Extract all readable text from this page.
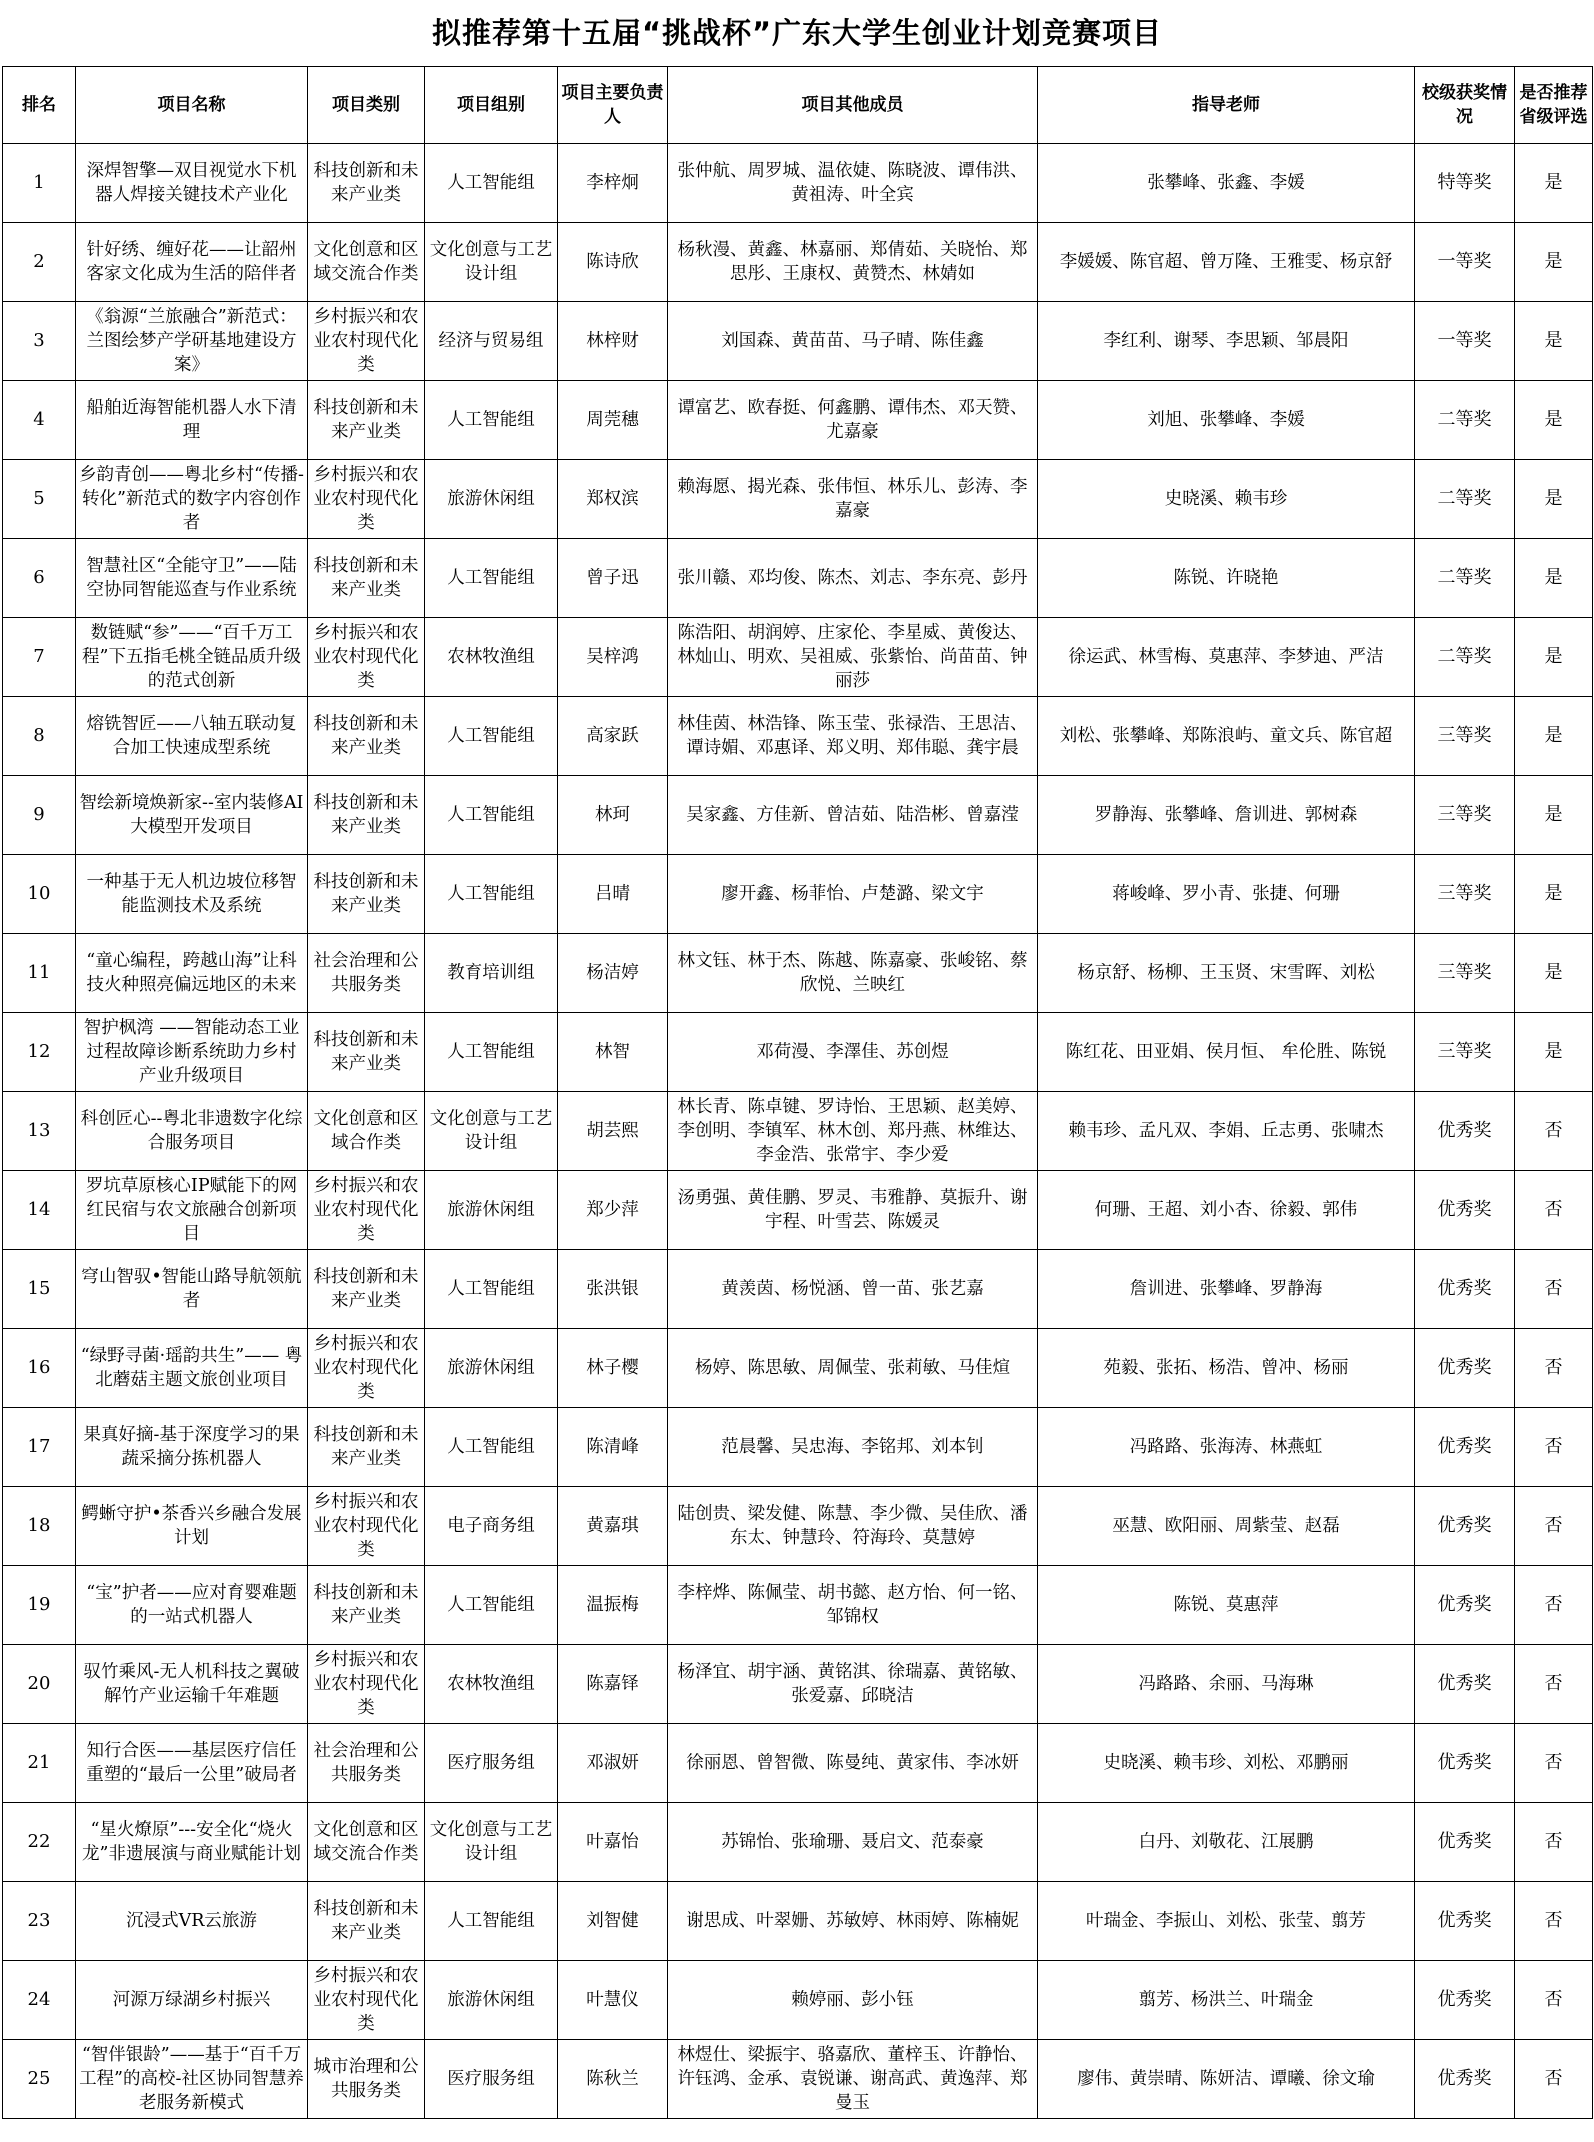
拟推荐第十五届“挑战杯”广东大学生创业计划竞赛项目
排名	项目名称	项目类别	项目组别	项目主要负责人	项目其他成员	指导老师	校级获奖情况	是否推荐省级评选
1	深焊智擎—双目视觉水下机器人焊接关键技术产业化	科技创新和未来产业类	人工智能组	李梓炯	张仲航、周罗城、温依婕、陈晓波、谭伟洪、黄祖涛、叶全宾	张攀峰、张鑫、李媛	特等奖	是
2	针好绣、缠好花——让韶州客家文化成为生活的陪伴者	文化创意和区域交流合作类	文化创意与工艺设计组	陈诗欣	杨秋漫、黄鑫、林嘉丽、郑倩茹、关晓怡、郑思彤、王康权、黄赞杰、林婧如	李媛媛、陈官超、曾万隆、王雅雯、杨京舒	一等奖	是
3	《翁源“兰旅融合”新范式：兰图绘梦产学研基地建设方案》	乡村振兴和农业农村现代化类	经济与贸易组	林梓财	刘国森、黄苗苗、马子晴、陈佳鑫	李红利、谢琴、李思颖、邹晨阳	一等奖	是
4	船舶近海智能机器人水下清理	科技创新和未来产业类	人工智能组	周莞穗	谭富艺、欧春挺、何鑫鹏、谭伟杰、邓天赞、尤嘉豪	刘旭、张攀峰、李媛	二等奖	是
5	乡韵青创——粤北乡村“传播-转化”新范式的数字内容创作者	乡村振兴和农业农村现代化类	旅游休闲组	郑权滨	赖海愿、揭光森、张伟恒、林乐儿、彭涛、李嘉豪	史晓溪、赖韦珍	二等奖	是
6	智慧社区“全能守卫”——陆空协同智能巡查与作业系统	科技创新和未来产业类	人工智能组	曾子迅	张川赣、邓均俊、陈杰、刘志、李东亮、彭丹	陈锐、许晓艳	二等奖	是
7	数链赋“参”——“百千万工程”下五指毛桃全链品质升级的范式创新	乡村振兴和农业农村现代化类	农林牧渔组	吴梓鸿	陈浩阳、胡润婷、庄家伦、李星威、黄俊达、林灿山、明欢、吴祖威、张紫怡、尚苗苗、钟丽莎	徐运武、林雪梅、莫惠萍、李梦迪、严洁	二等奖	是
8	熔铣智匠——八轴五联动复合加工快速成型系统	科技创新和未来产业类	人工智能组	高家跃	林佳茵、林浩锋、陈玉莹、张禄浩、王思洁、谭诗媚、邓惠译、郑义明、郑伟聪、龚宇晨	刘松、张攀峰、郑陈浪屿、童文兵、陈官超	三等奖	是
9	智绘新境焕新家--室内装修AI大模型开发项目	科技创新和未来产业类	人工智能组	林珂	吴家鑫、方佳新、曾洁茹、陆浩彬、曾嘉滢	罗静海、张攀峰、詹训进、郭树森	三等奖	是
10	一种基于无人机边坡位移智能监测技术及系统	科技创新和未来产业类	人工智能组	吕晴	廖开鑫、杨菲怡、卢楚潞、梁文宇	蒋峻峰、罗小青、张捷、何珊	三等奖	是
11	“童心编程，跨越山海”让科技火种照亮偏远地区的未来	社会治理和公共服务类	教育培训组	杨洁婷	林文钰、林于杰、陈越、陈嘉豪、张峻铭、蔡欣悦、兰映红	杨京舒、杨柳、王玉贤、宋雪晖、刘松	三等奖	是
12	智护枫湾 ——智能动态工业过程故障诊断系统助力乡村产业升级项目	科技创新和未来产业类	人工智能组	林智	邓荷漫、李澤佳、苏创煜	陈红花、田亚娟、侯月恒、 牟伦胜、陈锐	三等奖	是
13	科创匠心--粤北非遗数字化综合服务项目	文化创意和区域合作类	文化创意与工艺设计组	胡芸熙	林长青、陈卓键、罗诗怡、王思颖、赵美婷、李创明、李镇军、林木创、郑丹燕、林维达、李金浩、张常宇、李少爱	赖韦珍、孟凡双、李娟、丘志勇、张啸杰	优秀奖	否
14	罗坑草原核心IP赋能下的网红民宿与农文旅融合创新项目	乡村振兴和农业农村现代化类	旅游休闲组	郑少萍	汤勇强、黄佳鹏、罗灵、韦雅静、莫振升、谢宇程、叶雪芸、陈媛灵	何珊、王超、刘小杏、徐毅、郭伟	优秀奖	否
15	穹山智驭•智能山路导航领航者	科技创新和未来产业类	人工智能组	张洪银	黄羡茵、杨悦涵、曾一苗、张艺嘉	詹训进、张攀峰、罗静海	优秀奖	否
16	“绿野寻菌·瑶韵共生”—— 粤北蘑菇主题文旅创业项目	乡村振兴和农业农村现代化类	旅游休闲组	林子樱	杨婷、陈思敏、周佩莹、张莉敏、马佳煊	苑毅、张拓、杨浩、曾冲、杨丽	优秀奖	否
17	果真好摘-基于深度学习的果蔬采摘分拣机器人	科技创新和未来产业类	人工智能组	陈清峰	范晨馨、吴忠海、李铭邦、刘本钊	冯路路、张海涛、林燕虹	优秀奖	否
18	鳄蜥守护•茶香兴乡融合发展计划	乡村振兴和农业农村现代化类	电子商务组	黄嘉琪	陆创贵、梁发健、陈慧、李少微、吴佳欣、潘东太、钟慧玲、符海玲、莫慧婷	巫慧、欧阳丽、周紫莹、赵磊	优秀奖	否
19	“宝”护者——应对育婴难题的一站式机器人	科技创新和未来产业类	人工智能组	温振梅	李梓烨、陈佩莹、胡书懿、赵方怡、何一铭、邹锦权	陈锐、莫惠萍	优秀奖	否
20	驭竹乘风-无人机科技之翼破解竹产业运输千年难题	乡村振兴和农业农村现代化类	农林牧渔组	陈嘉铎	杨泽宜、胡宇涵、黄铭淇、徐瑞嘉、黄铭敏、张爱嘉、邱晓洁	冯路路、余丽、马海琳	优秀奖	否
21	知行合医——基层医疗信任重塑的“最后一公里”破局者	社会治理和公共服务类	医疗服务组	邓淑妍	徐丽恩、曾智微、陈曼纯、黄家伟、李冰妍	史晓溪、赖韦珍、刘松、邓鹏丽	优秀奖	否
22	“星火燎原”---安全化“烧火龙”非遗展演与商业赋能计划	文化创意和区域交流合作类	文化创意与工艺设计组	叶嘉怡	苏锦怡、张瑜珊、聂启文、范泰豪	白丹、刘敬花、江展鹏	优秀奖	否
23	沉浸式VR云旅游	科技创新和未来产业类	人工智能组	刘智健	谢思成、叶翠姗、苏敏婷、林雨婷、陈楠妮	叶瑞金、李振山、刘松、张莹、翦芳	优秀奖	否
24	河源万绿湖乡村振兴	乡村振兴和农业农村现代化类	旅游休闲组	叶慧仪	赖婷丽、彭小钰	翦芳、杨洪兰、叶瑞金	优秀奖	否
25	“智伴银龄”——基于“百千万工程”的高校-社区协同智慧养老服务新模式	城市治理和公共服务类	医疗服务组	陈秋兰	林煜仕、梁振宇、骆嘉欣、董梓玉、许静怡、许钰鸿、金承、袁锐谦、谢高武、黄逸萍、郑曼玉	廖伟、黄崇晴、陈妍洁、谭曦、徐文瑜	优秀奖	否
